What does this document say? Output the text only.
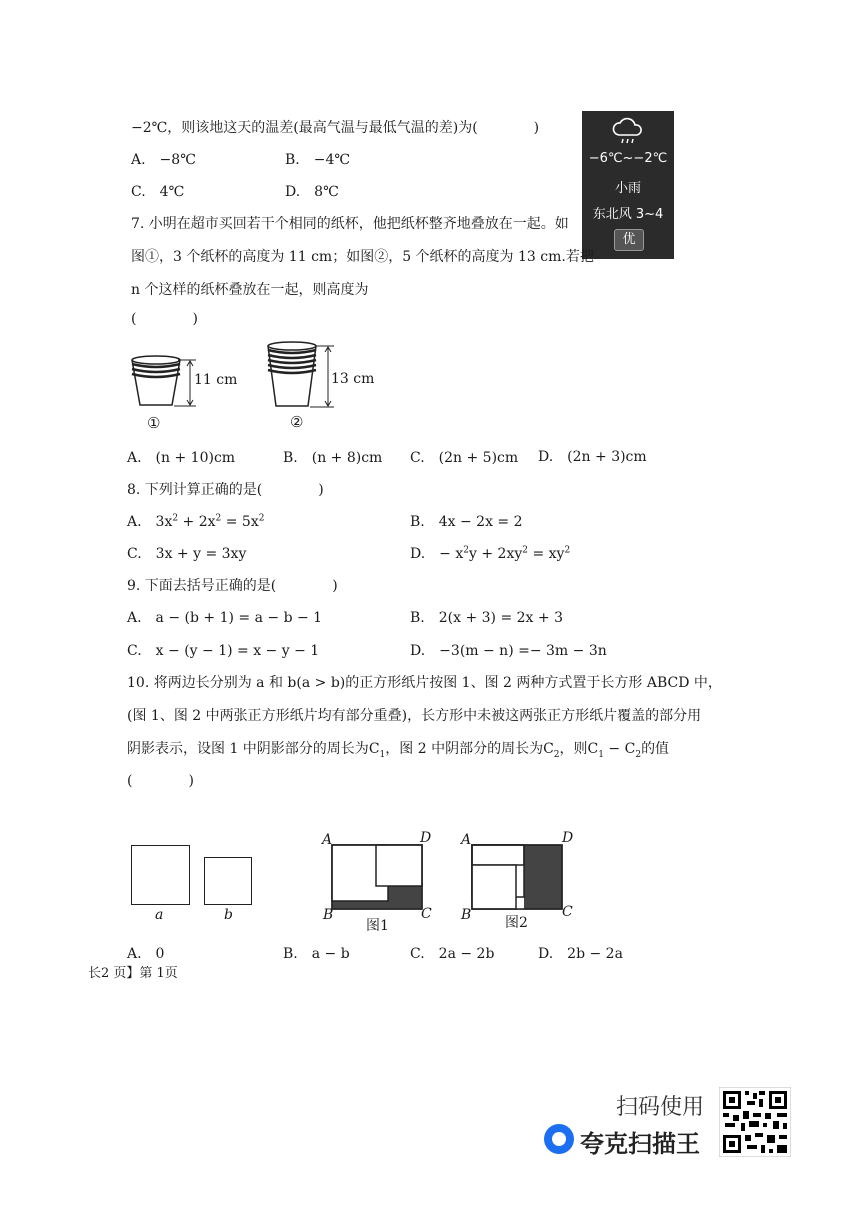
−2℃，则该地这天的温差(最高气温与最低气温的差)为(　　　　)
A.　−8℃	B.　−4℃
C.　4℃	D.　8℃
−6℃~−2℃
小雨
东北风 3~4
优
7. 小明在超市买回若干个相同的纸杯，他把纸杯整齐地叠放在一起。如
图①，3 个纸杯的高度为 11 cm；如图②，5 个纸杯的高度为 13 cm.若把
n 个这样的纸杯叠放在一起，则高度为
(　　　　)
11 cm
①
13 cm
②
A.　(n + 10)cm	B.　(n + 8)cm C.　(2n + 5)cm D.　(2n + 3)cm
8. 下列计算正确的是(　　　　)
A.　$3x^2 + 2x^2 = 5x^2$	B.　4x − 2x = 2
C.　3x + y = 3xy	D.　− $x^2y + 2xy^2 = xy^2$
9. 下面去括号正确的是(　　　　)
A.　a − (b + 1) = a − b − 1	B.　2(x + 3) = 2x + 3
C.　x − (y − 1) = x − y − 1	D.　−3(m − n) =− 3m − 3n
10. 将两边长分别为 a 和 b(a > b)的正方形纸片按图 1、图 2 两种方式置于长方形 ABCD 中，
(图 1、图 2 中两张正方形纸片均有部分重叠)，长方形中未被这两张正方形纸片覆盖的部分用
阴影表示，设图 1 中阴影部分的周长为$C_1$，图 2 中阴部分的周长为$C_2$，则$C_1 - C_2$的值
(　　　　)
a	b
A	D
B	C
图1
A	D
B	C
图2
A.　0	B.　a − b	C.　2a − 2b	D.　2b − 2a
长2 页】第 1页
扫码使用
夸克扫描王
